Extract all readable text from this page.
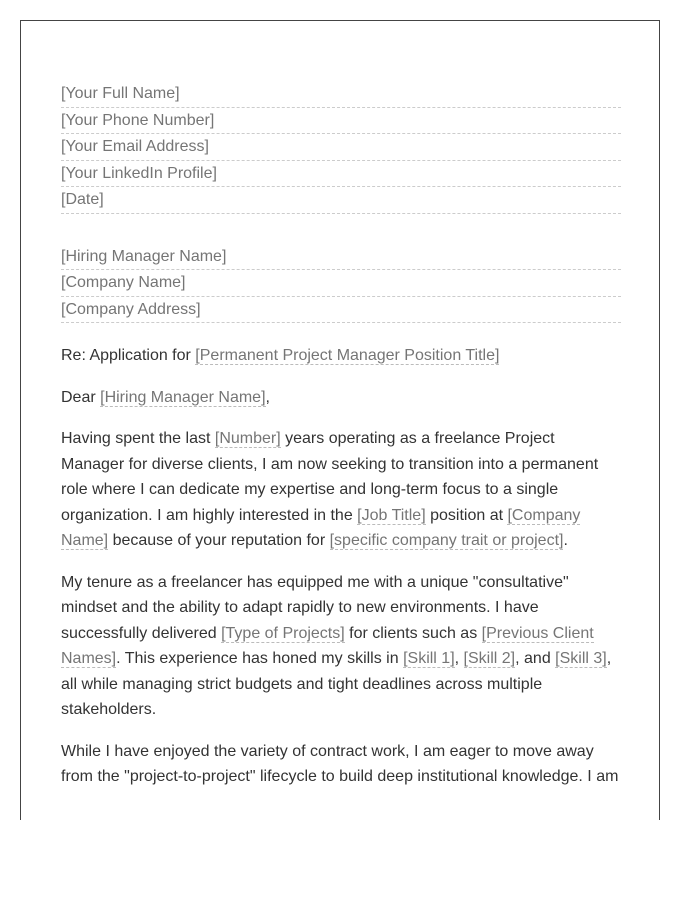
[Your Full Name]
[Your Phone Number]
[Your Email Address]
[Your LinkedIn Profile]
[Date]
[Hiring Manager Name]
[Company Name]
[Company Address]

Re: Application for [Permanent Project Manager Position Title]

Dear [Hiring Manager Name],

Having spent the last [Number] years operating as a freelance Project Manager for diverse clients, I am now seeking to transition into a permanent role where I can dedicate my expertise and long-term focus to a single organization. I am highly interested in the [Job Title] position at [Company Name] because of your reputation for [specific company trait or project].

My tenure as a freelancer has equipped me with a unique "consultative" mindset and the ability to adapt rapidly to new environments. I have successfully delivered [Type of Projects] for clients such as [Previous Client Names]. This experience has honed my skills in [Skill 1], [Skill 2], and [Skill 3], all while managing strict budgets and tight deadlines across multiple stakeholders.

While I have enjoyed the variety of contract work, I am eager to move away from the "project-to-project" lifecycle to build deep institutional knowledge. I am
